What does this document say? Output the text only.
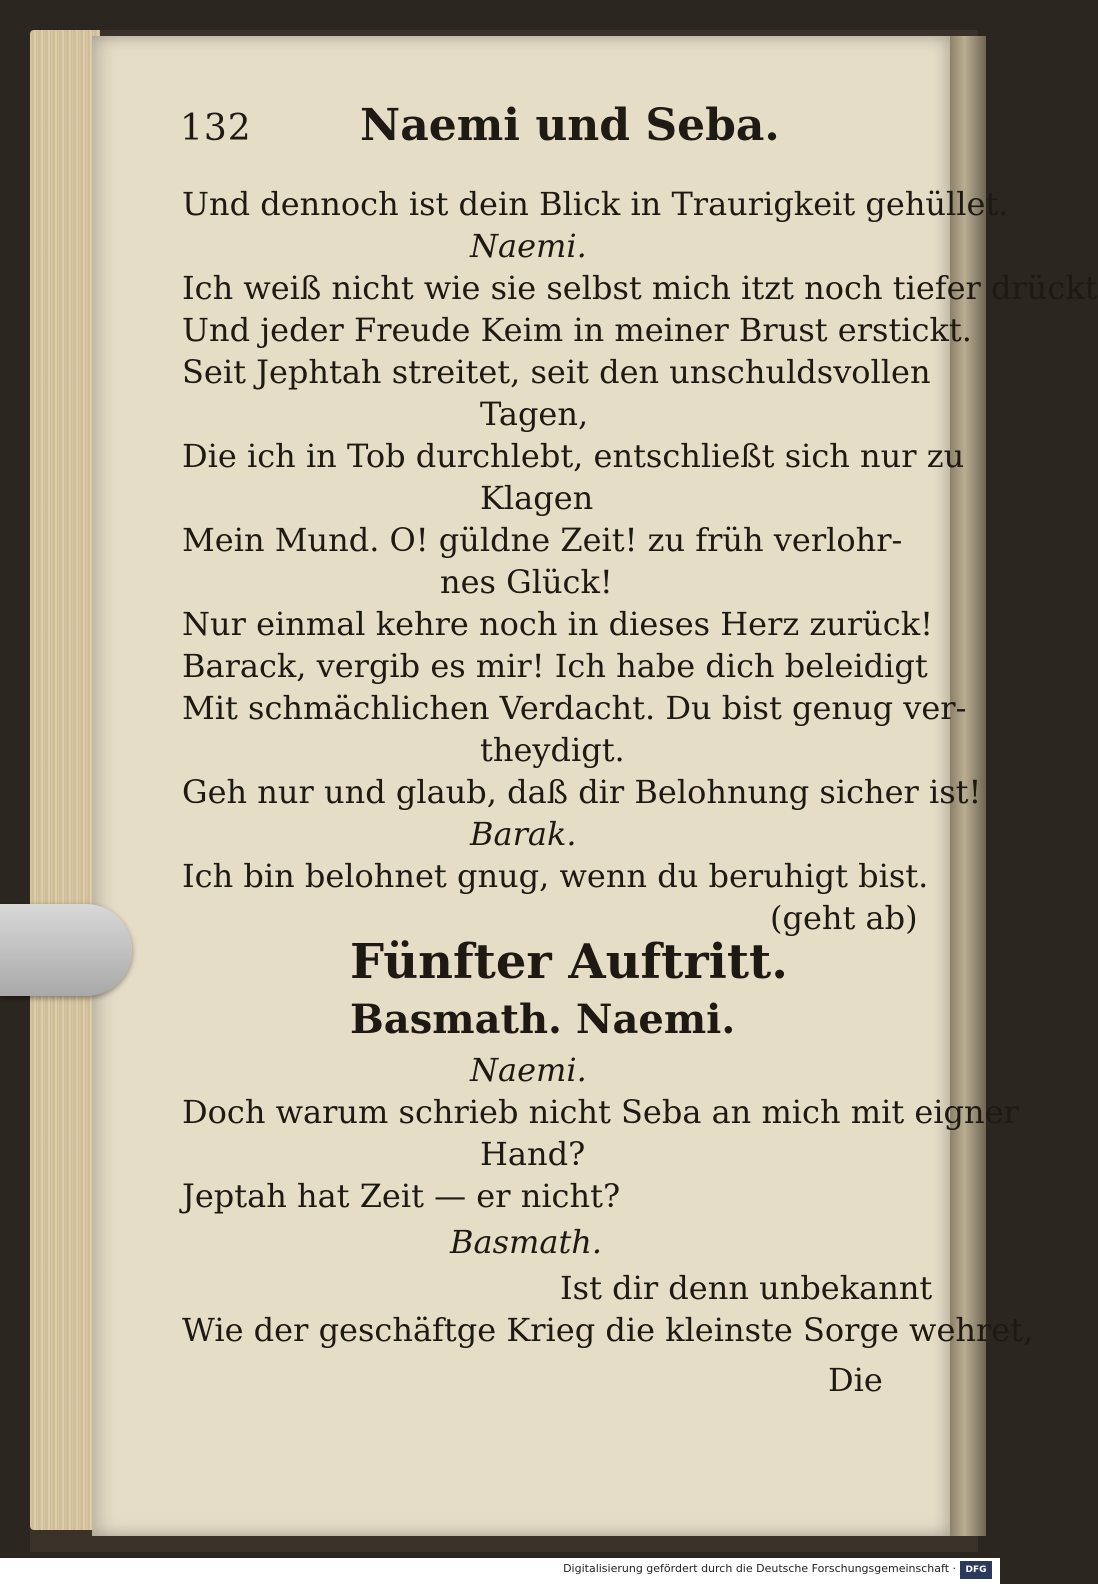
132 Naemi und Seba.
Und dennoch ist dein Blick in Traurigkeit gehüllet.
Naemi.
Ich weiß nicht wie sie selbst mich itzt noch tiefer drückt
Und jeder Freude Keim in meiner Brust erstickt.
Seit Jephtah streitet, seit den unschuldsvollen
Tagen,
Die ich in Tob durchlebt, entschließt sich nur zu
Klagen
Mein Mund. O! güldne Zeit! zu früh verlohr-
nes Glück!
Nur einmal kehre noch in dieses Herz zurück!
Barack, vergib es mir! Ich habe dich beleidigt
Mit schmächlichen Verdacht. Du bist genug ver-
theydigt.
Geh nur und glaub, daß dir Belohnung sicher ist!
Barak.
Ich bin belohnet gnug, wenn du beruhigt bist.
(geht ab)
Fünfter Auftritt.
Basmath. Naemi.
Naemi.
Doch warum schrieb nicht Seba an mich mit eigner
Hand?
Jeptah hat Zeit — er nicht?
Basmath.
Ist dir denn unbekannt
Wie der geschäftge Krieg die kleinste Sorge wehret,
Die
Digitalisierung gefördert durch die Deutsche Forschungsgemeinschaft ·	DFG
